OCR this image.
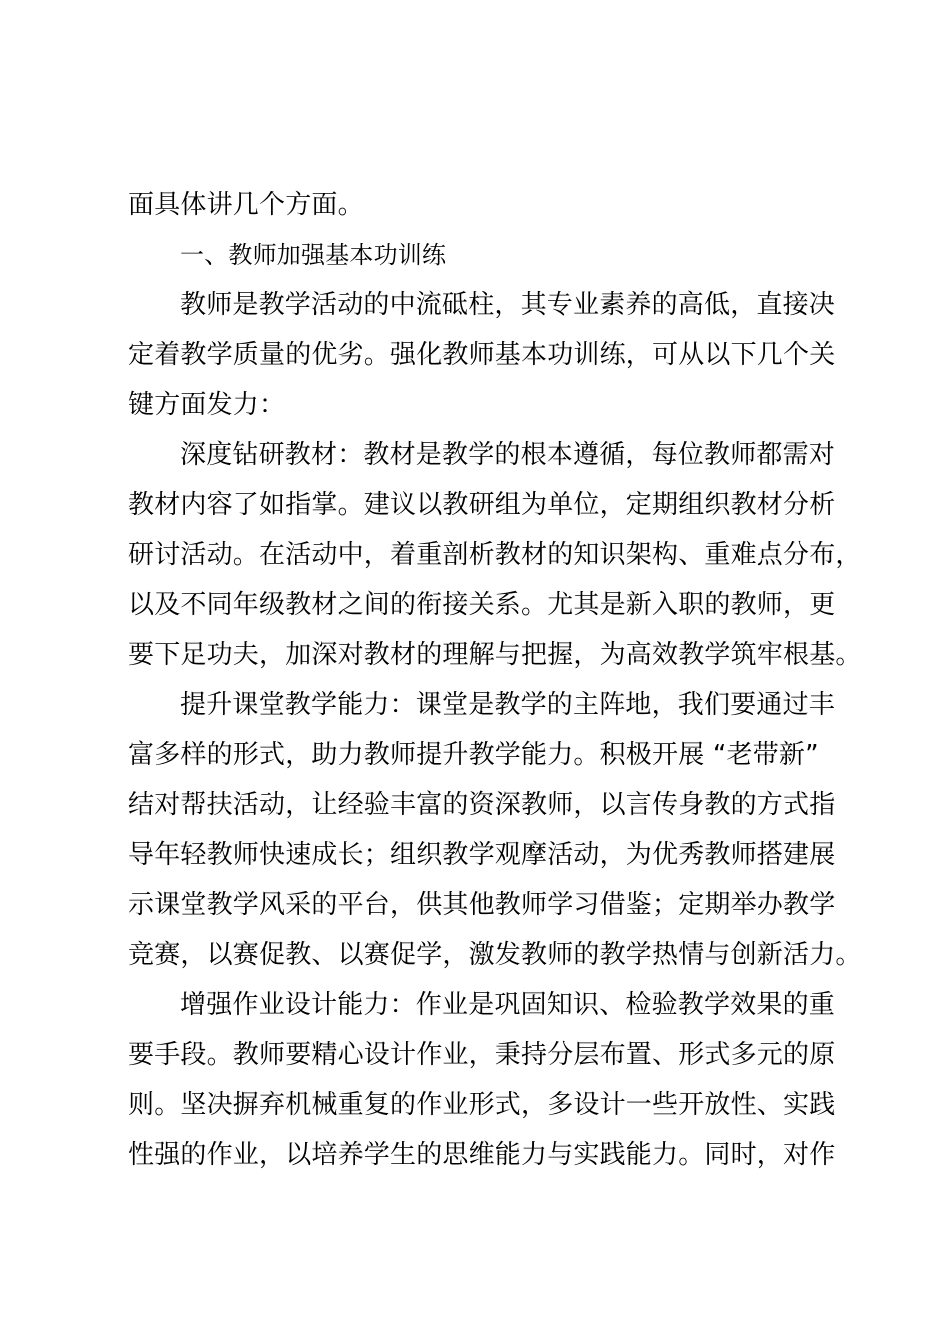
面具体讲几个方面。
一、教师加强基本功训练
教师是教学活动的中流砥柱，其专业素养的高低，直接决
定着教学质量的优劣。强化教师基本功训练，可从以下几个关
键方面发力：
深度钻研教材：教材是教学的根本遵循，每位教师都需对
教材内容了如指掌。建议以教研组为单位，定期组织教材分析
研讨活动。在活动中，着重剖析教材的知识架构、重难点分布，
以及不同年级教材之间的衔接关系。尤其是新入职的教师，更
要下足功夫，加深对教材的理解与把握，为高效教学筑牢根基。
提升课堂教学能力：课堂是教学的主阵地，我们要通过丰
富多样的形式，助力教师提升教学能力。积极开展 “老带新”
结对帮扶活动，让经验丰富的资深教师，以言传身教的方式指
导年轻教师快速成长；组织教学观摩活动，为优秀教师搭建展
示课堂教学风采的平台，供其他教师学习借鉴；定期举办教学
竞赛，以赛促教、以赛促学，激发教师的教学热情与创新活力。
增强作业设计能力：作业是巩固知识、检验教学效果的重
要手段。教师要精心设计作业，秉持分层布置、形式多元的原
则。坚决摒弃机械重复的作业形式，多设计一些开放性、实践
性强的作业，以培养学生的思维能力与实践能力。同时，对作
